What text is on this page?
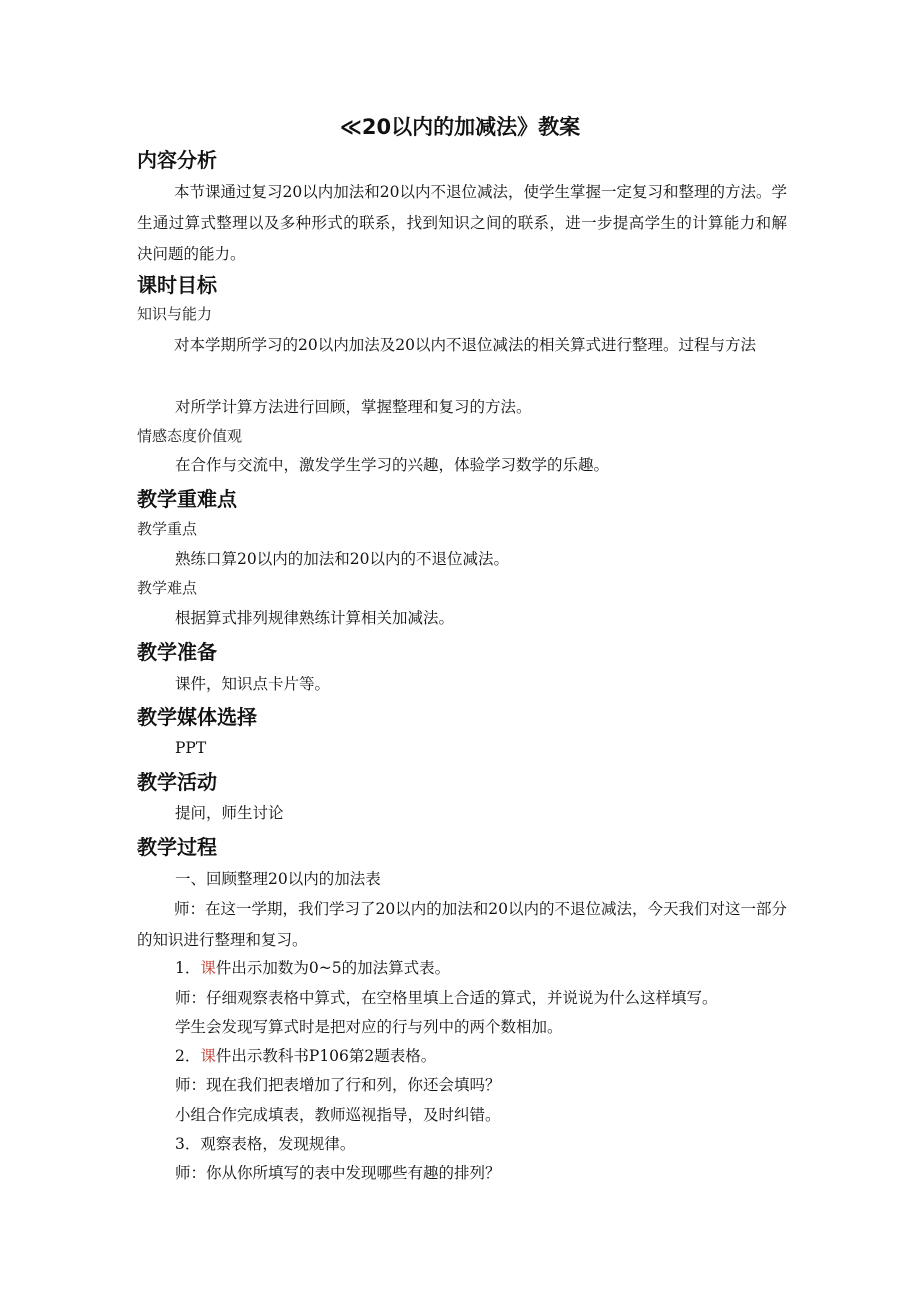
≪20以内的加减法》教案
内容分析
本节课通过复习20以内加法和20以内不退位减法，使学生掌握一定复习和整理的方法。学生通过算式整理以及多种形式的联系，找到知识之间的联系，进一步提高学生的计算能力和解决问题的能力。
课时目标
知识与能力
对本学期所学习的20以内加法及20以内不退位减法的相关算式进行整理。过程与方法
对所学计算方法进行回顾，掌握整理和复习的方法。
情感态度价值观
在合作与交流中，激发学生学习的兴趣，体验学习数学的乐趣。
教学重难点
教学重点
熟练口算20以内的加法和20以内的不退位减法。
教学难点
根据算式排列规律熟练计算相关加减法。
教学准备
课件，知识点卡片等。
教学媒体选择
PPT
教学活动
提问，师生讨论
教学过程
一、回顾整理20以内的加法表
师：在这一学期，我们学习了20以内的加法和20以内的不退位减法，今天我们对这一部分的知识进行整理和复习。
1．课件出示加数为0~5的加法算式表。
师：仔细观察表格中算式，在空格里填上合适的算式，并说说为什么这样填写。
学生会发现写算式时是把对应的行与列中的两个数相加。
2．课件出示教科书P106第2题表格。
师：现在我们把表增加了行和列，你还会填吗？
小组合作完成填表，教师巡视指导，及时纠错。
3．观察表格，发现规律。
师：你从你所填写的表中发现哪些有趣的排列？
